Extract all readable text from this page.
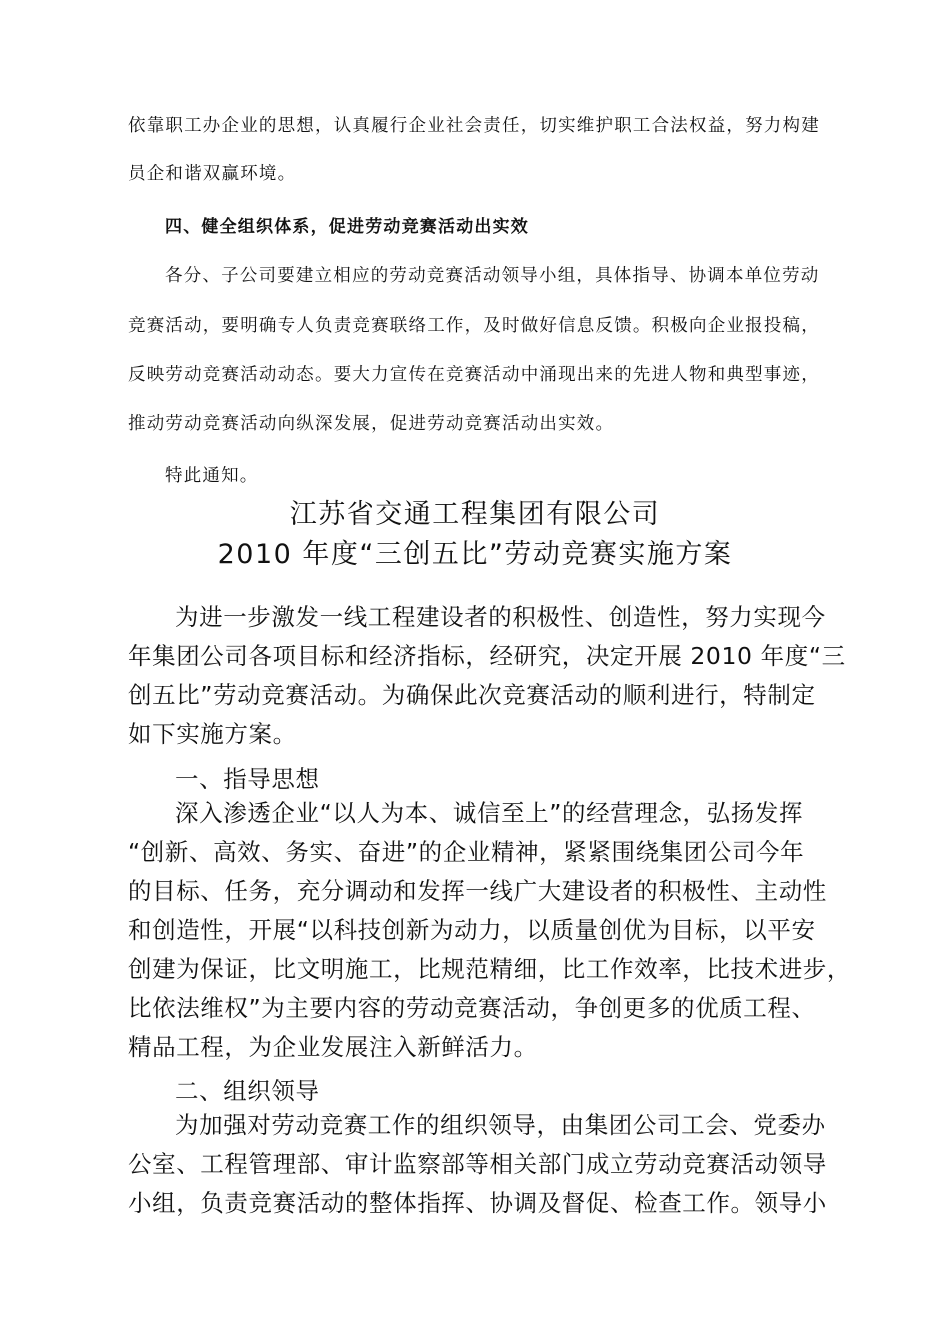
依靠职工办企业的思想，认真履行企业社会责任，切实维护职工合法权益，努力构建
员企和谐双赢环境。
四、健全组织体系，促进劳动竞赛活动出实效
各分、子公司要建立相应的劳动竞赛活动领导小组，具体指导、协调本单位劳动
竞赛活动，要明确专人负责竞赛联络工作，及时做好信息反馈。积极向企业报投稿，
反映劳动竞赛活动动态。要大力宣传在竞赛活动中涌现出来的先进人物和典型事迹，
推动劳动竞赛活动向纵深发展，促进劳动竞赛活动出实效。
特此通知。
江苏省交通工程集团有限公司
2010 年度“三创五比”劳动竞赛实施方案
为进一步激发一线工程建设者的积极性、创造性，努力实现今
年集团公司各项目标和经济指标，经研究，决定开展 2010 年度“三
创五比”劳动竞赛活动。为确保此次竞赛活动的顺利进行，特制定
如下实施方案。
一、指导思想
深入渗透企业“以人为本、诚信至上”的经营理念，弘扬发挥
“创新、高效、务实、奋进”的企业精神，紧紧围绕集团公司今年
的目标、任务，充分调动和发挥一线广大建设者的积极性、主动性
和创造性，开展“以科技创新为动力，以质量创优为目标，以平安
创建为保证，比文明施工，比规范精细，比工作效率，比技术进步，
比依法维权”为主要内容的劳动竞赛活动，争创更多的优质工程、
精品工程，为企业发展注入新鲜活力。
二、组织领导
为加强对劳动竞赛工作的组织领导，由集团公司工会、党委办
公室、工程管理部、审计监察部等相关部门成立劳动竞赛活动领导
小组，负责竞赛活动的整体指挥、协调及督促、检查工作。领导小
